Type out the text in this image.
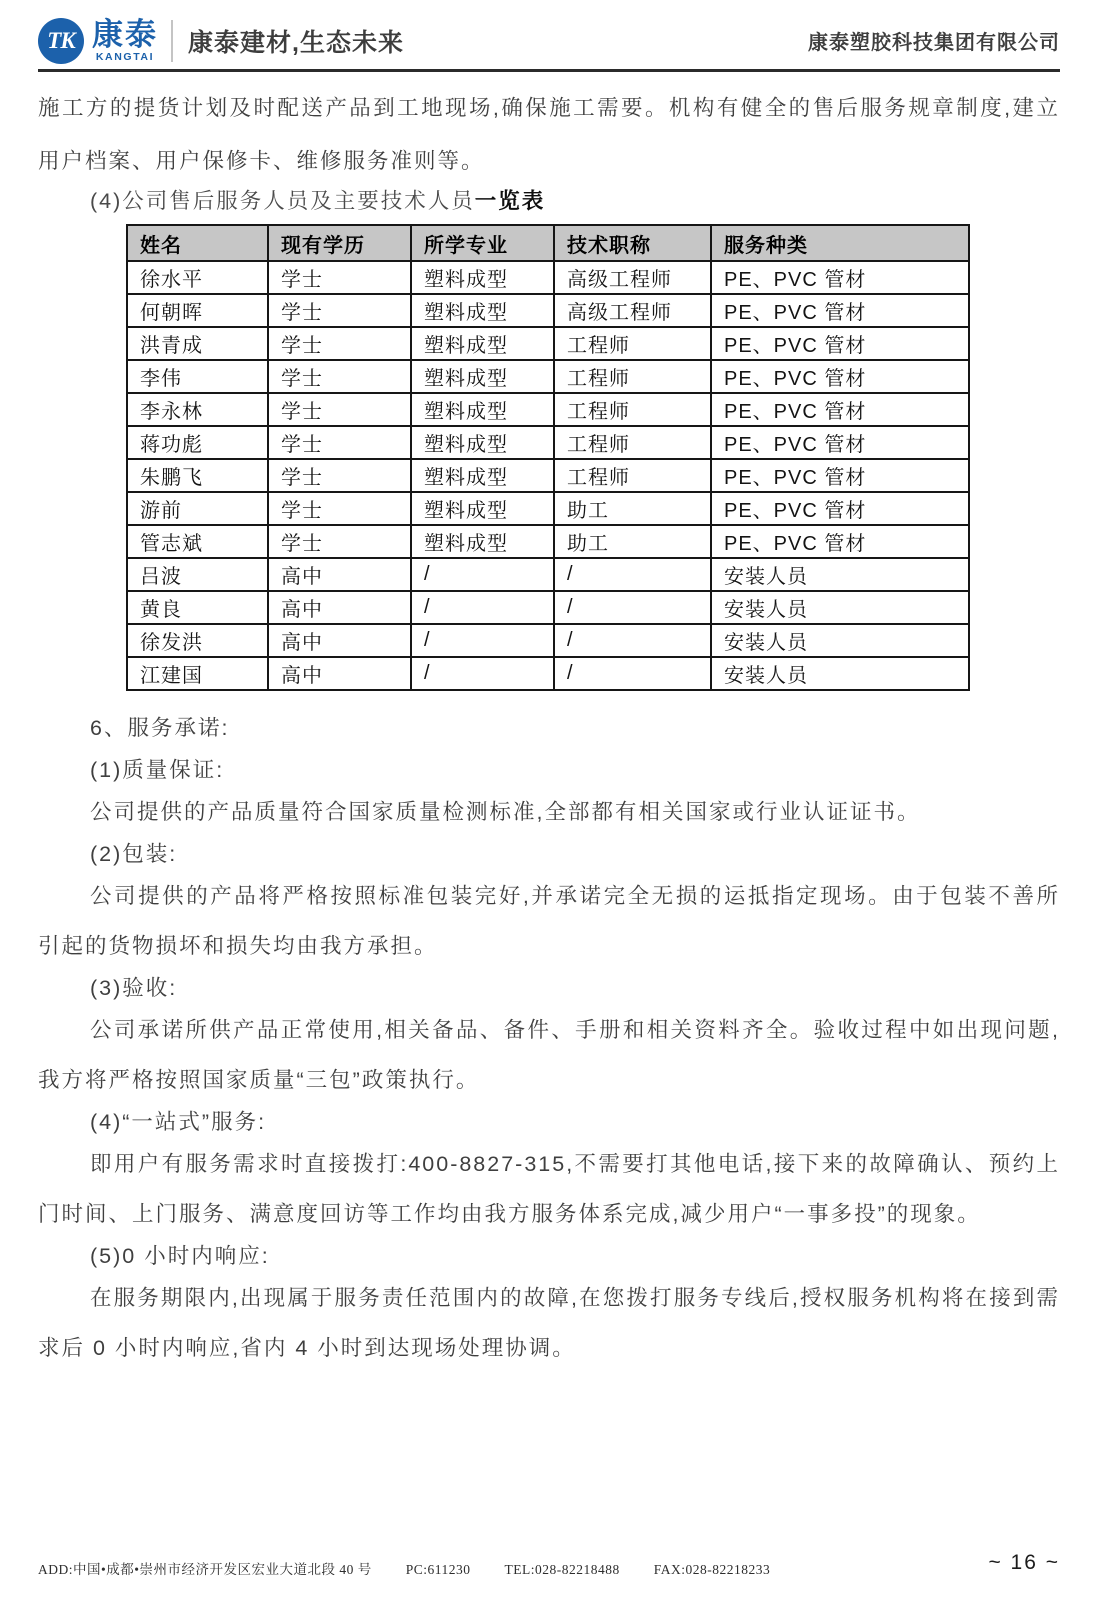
TK 康泰
KANGTAI 康泰建材,生态未来	康泰塑胶科技集团有限公司

施工方的提货计划及时配送产品到工地现场,确保施工需要。机构有健全的售后服务规章制度,建立用户档案、用户保修卡、维修服务准则等。

(4)公司售后服务人员及主要技术人员一览表

姓名	现有学历	所学专业	技术职称	服务种类
徐水平	学士	塑料成型	高级工程师	PE、PVC 管材
何朝晖	学士	塑料成型	高级工程师	PE、PVC 管材
洪青成	学士	塑料成型	工程师	PE、PVC 管材
李伟	学士	塑料成型	工程师	PE、PVC 管材
李永林	学士	塑料成型	工程师	PE、PVC 管材
蒋功彪	学士	塑料成型	工程师	PE、PVC 管材
朱鹏飞	学士	塑料成型	工程师	PE、PVC 管材
游前	学士	塑料成型	助工	PE、PVC 管材
管志斌	学士	塑料成型	助工	PE、PVC 管材
吕波	高中	/	/	安装人员
黄良	高中	/	/	安装人员
徐发洪	高中	/	/	安装人员
江建国	高中	/	/	安装人员

6、服务承诺:

(1)质量保证:

公司提供的产品质量符合国家质量检测标准,全部都有相关国家或行业认证证书。

(2)包装:

公司提供的产品将严格按照标准包装完好,并承诺完全无损的运抵指定现场。由于包装不善所引起的货物损坏和损失均由我方承担。

(3)验收:

公司承诺所供产品正常使用,相关备品、备件、手册和相关资料齐全。验收过程中如出现问题,我方将严格按照国家质量“三包”政策执行。

(4)“一站式”服务:

即用户有服务需求时直接拨打:400-8827-315,不需要打其他电话,接下来的故障确认、预约上门时间、上门服务、满意度回访等工作均由我方服务体系完成,减少用户“一事多投”的现象。

(5)0 小时内响应:

在服务期限内,出现属于服务责任范围内的故障,在您拨打服务专线后,授权服务机构将在接到需求后 0 小时内响应,省内 4 小时到达现场处理协调。

ADD:中国•成都•崇州市经济开发区宏业大道北段 40 号	PC:611230	TEL:028-82218488	FAX:028-82218233	~ 16 ~
